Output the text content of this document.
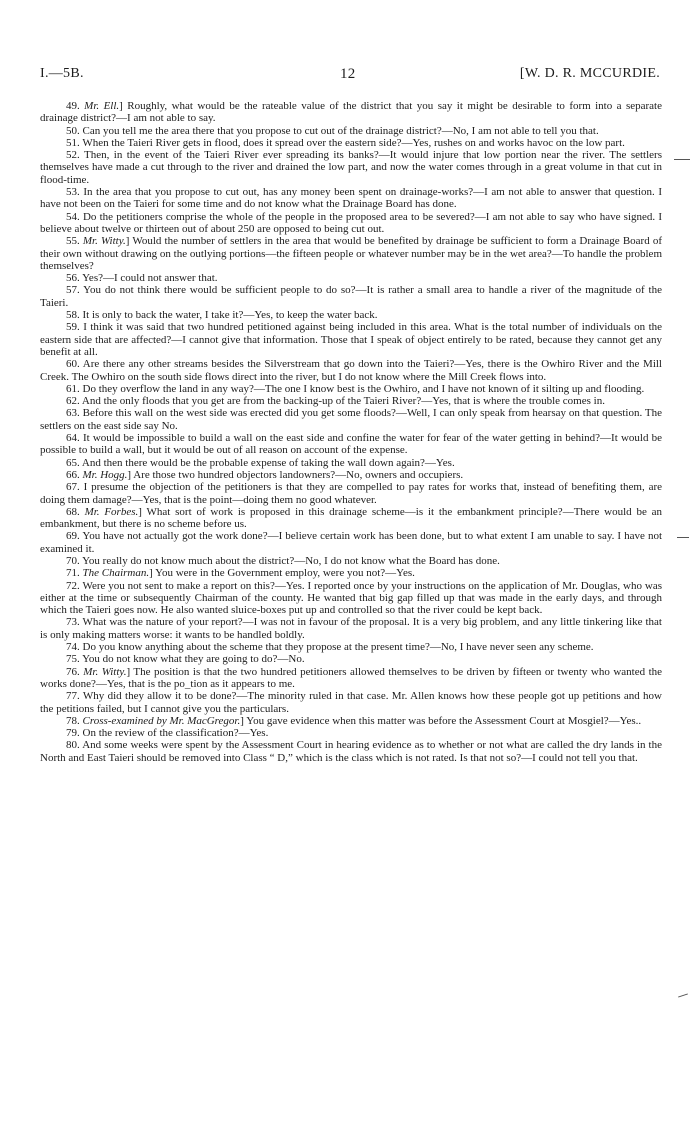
I.—5B.	12	[W. D. R. MCCURDIE.

49. Mr. Ell.] Roughly, what would be the rateable value of the district that you say it might be desirable to form into a separate drainage district?—I am not able to say.

50. Can you tell me the area there that you propose to cut out of the drainage district?—No, I am not able to tell you that.

51. When the Taieri River gets in flood, does it spread over the eastern side?—Yes, rushes on and works havoc on the low part.

52. Then, in the event of the Taieri River ever spreading its banks?—It would injure that low portion near the river. The settlers themselves have made a cut through to the river and drained the low part, and now the water comes through in a great volume in that cut in flood-time.

53. In the area that you propose to cut out, has any money been spent on drainage-works?—I am not able to answer that question. I have not been on the Taieri for some time and do not know what the Drainage Board has done.

54. Do the petitioners comprise the whole of the people in the proposed area to be severed?—I am not able to say who have signed. I believe about twelve or thirteen out of about 250 are opposed to being cut out.

55. Mr. Witty.] Would the number of settlers in the area that would be benefited by drainage be sufficient to form a Drainage Board of their own without drawing on the outlying portions—the fifteen people or whatever number may be in the wet area?—To handle the problem themselves?

56. Yes?—I could not answer that.

57. You do not think there would be sufficient people to do so?—It is rather a small area to handle a river of the magnitude of the Taieri.

58. It is only to back the water, I take it?—Yes, to keep the water back.

59. I think it was said that two hundred petitioned against being included in this area. What is the total number of individuals on the eastern side that are affected?—I cannot give that information. Those that I speak of object entirely to be rated, because they cannot get any benefit at all.

60. Are there any other streams besides the Silverstream that go down into the Taieri?—Yes, there is the Owhiro River and the Mill Creek. The Owhiro on the south side flows direct into the river, but I do not know where the Mill Creek flows into.

61. Do they overflow the land in any way?—The one I know best is the Owhiro, and I have not known of it silting up and flooding.

62. And the only floods that you get are from the backing-up of the Taieri River?—Yes, that is where the trouble comes in.

63. Before this wall on the west side was erected did you get some floods?—Well, I can only speak from hearsay on that question. The settlers on the east side say No.

64. It would be impossible to build a wall on the east side and confine the water for fear of the water getting in behind?—It would be possible to build a wall, but it would be out of all reason on account of the expense.

65. And then there would be the probable expense of taking the wall down again?—Yes.

66. Mr. Hogg.] Are those two hundred objectors landowners?—No, owners and occupiers.

67. I presume the objection of the petitioners is that they are compelled to pay rates for works that, instead of benefiting them, are doing them damage?—Yes, that is the point—doing them no good whatever.

68. Mr. Forbes.] What sort of work is proposed in this drainage scheme—is it the embankment principle?—There would be an embankment, but there is no scheme before us.

69. You have not actually got the work done?—I believe certain work has been done, but to what extent I am unable to say. I have not examined it.

70. You really do not know much about the district?—No, I do not know what the Board has done.

71. The Chairman.] You were in the Government employ, were you not?—Yes.

72. Were you not sent to make a report on this?—Yes. I reported once by your instructions on the application of Mr. Douglas, who was either at the time or subsequently Chairman of the county. He wanted that big gap filled up that was made in the early days, and through which the Taieri goes now. He also wanted sluice-boxes put up and controlled so that the river could be kept back.

73. What was the nature of your report?—I was not in favour of the proposal. It is a very big problem, and any little tinkering like that is only making matters worse: it wants to be handled boldly.

74. Do you know anything about the scheme that they propose at the present time?—No, I have never seen any scheme.

75. You do not know what they are going to do?—No.

76. Mr. Witty.] The position is that the two hundred petitioners allowed themselves to be driven by fifteen or twenty who wanted the works done?—Yes, that is the po_tion as it appears to me.

77. Why did they allow it to be done?—The minority ruled in that case. Mr. Allen knows how these people got up petitions and how the petitions failed, but I cannot give you the particulars.

78. Cross-examined by Mr. MacGregor.] You gave evidence when this matter was before the Assessment Court at Mosgiel?—Yes..

79. On the review of the classification?—Yes.

80. And some weeks were spent by the Assessment Court in hearing evidence as to whether or not what are called the dry lands in the North and East Taieri should be removed into Class “ D,” which is the class which is not rated. Is that not so?—I could not tell you that.
